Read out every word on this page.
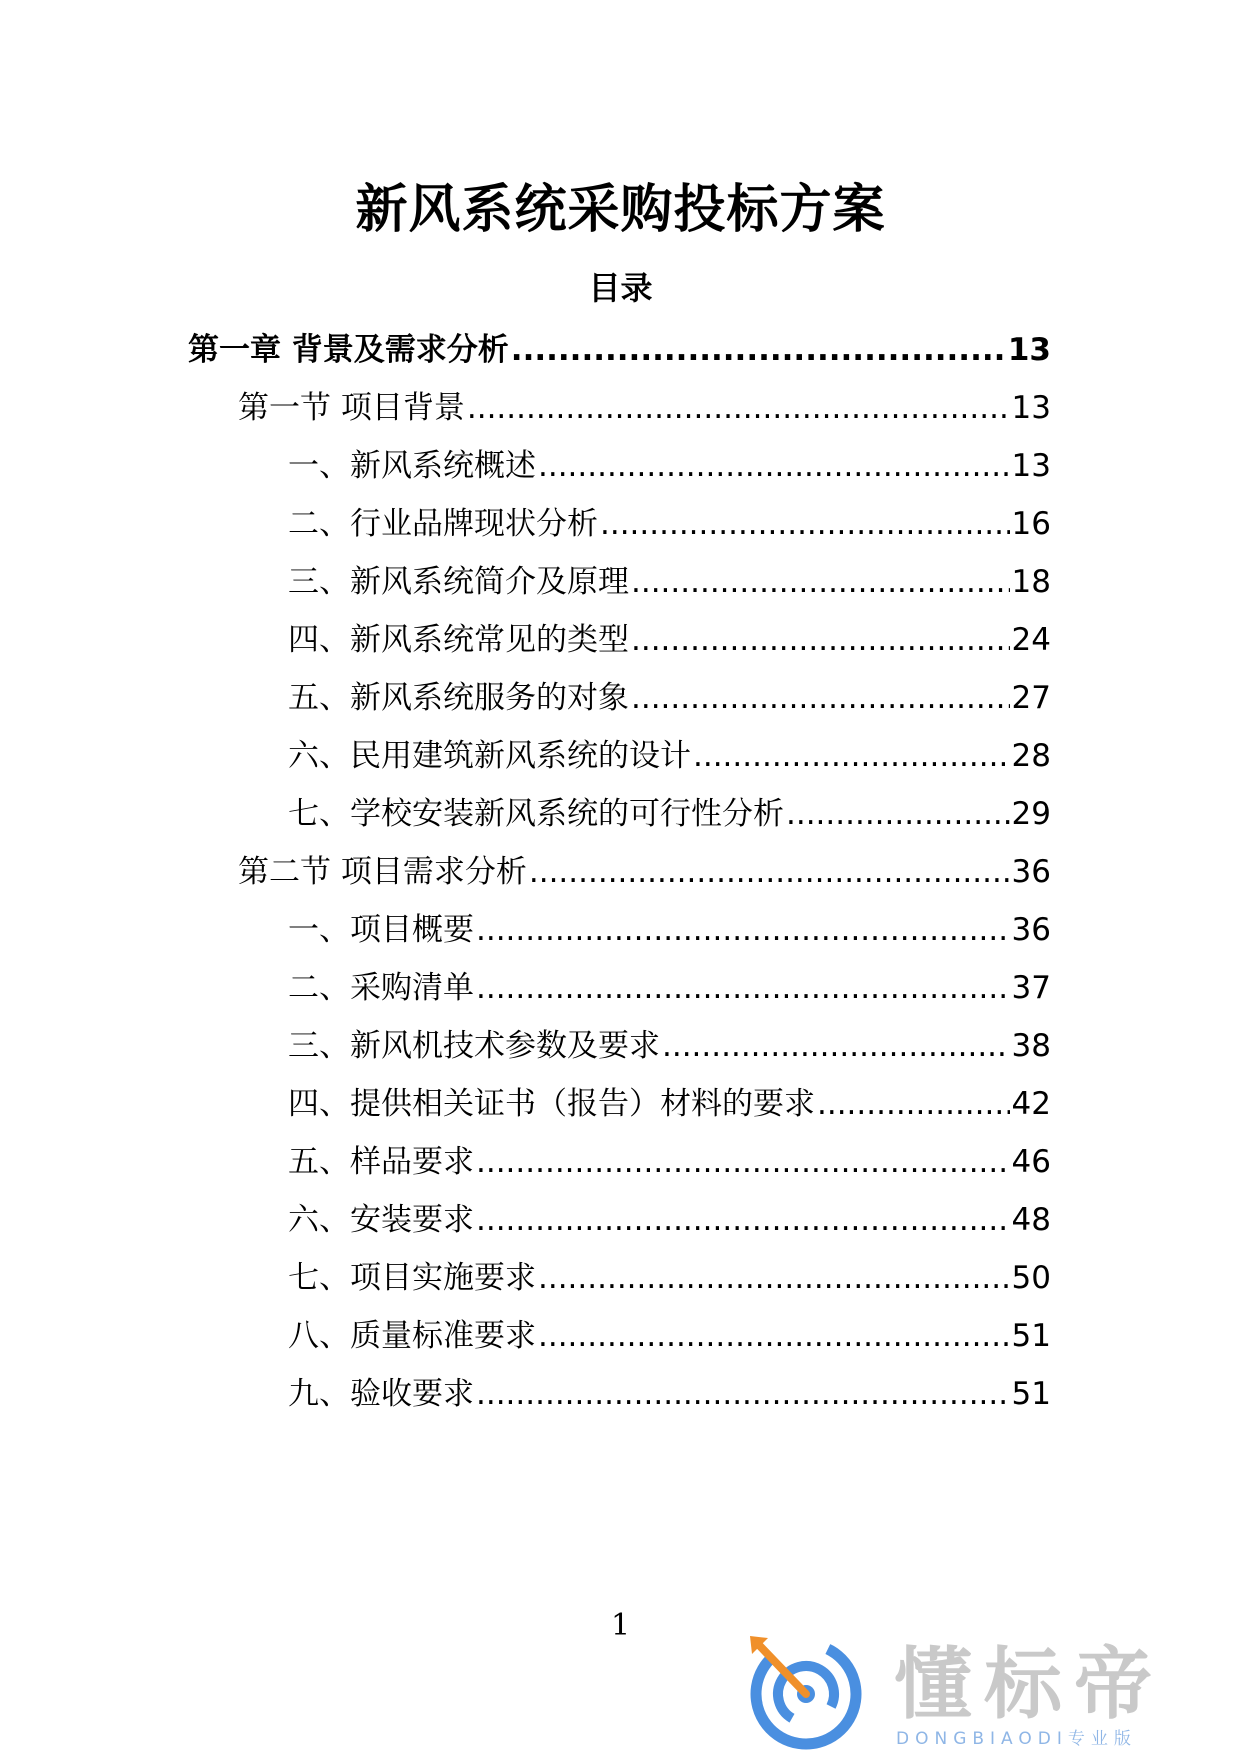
新风系统采购投标方案
目录
第一章 背景及需求分析 .....	13
第一节 项目背景 .....	13
一、新风系统概述 .....	13
二、行业品牌现状分析 .....	16
三、新风系统简介及原理 .....	18
四、新风系统常见的类型 .....	24
五、新风系统服务的对象 .....	27
六、民用建筑新风系统的设计 .....	28
七、学校安装新风系统的可行性分析 .....	29
第二节 项目需求分析 .....	36
一、项目概要 .....	36
二、采购清单 .....	37
三、新风机技术参数及要求 .....	38
四、提供相关证书（报告）材料的要求 .....	42
五、样品要求 .....	46
六、安装要求 .....	48
七、项目实施要求 .....	50
八、质量标准要求 .....	51
九、验收要求 .....	51
1
懂标帝
DONGBIAODI专业版
